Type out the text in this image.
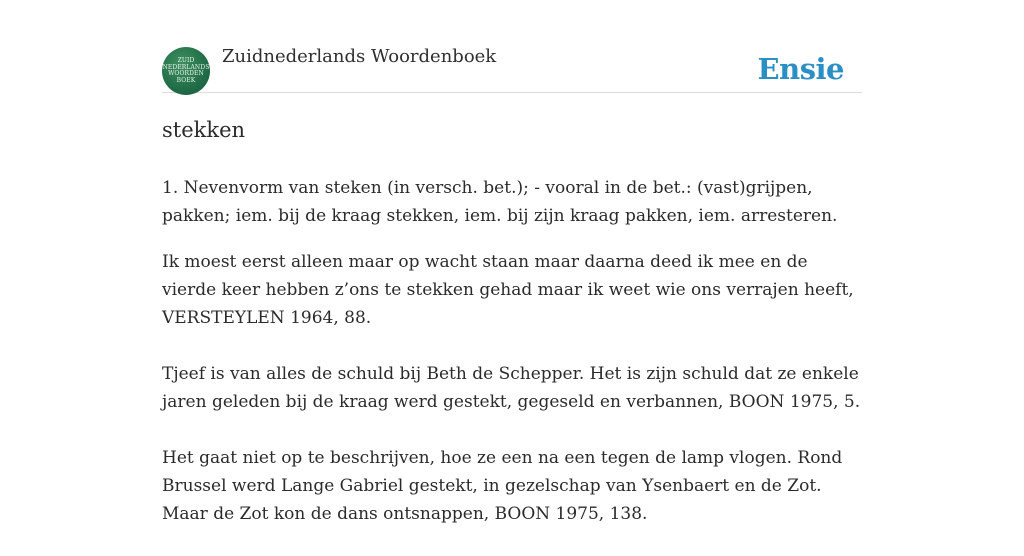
ZUID
NEDERLANDS
WOORDEN
BOEK
Zuidnederlands Woordenboek	Ensie
stekken

1. Nevenvorm van steken (in versch. bet.); - vooral in de bet.: (vast)grijpen, pakken; iem. bij de kraag stekken, iem. bij zijn kraag pakken, iem. arresteren.

Ik moest eerst alleen maar op wacht staan maar daarna deed ik mee en de vierde keer hebben z’ons te stekken gehad maar ik weet wie ons verrajen heeft, VERSTEYLEN 1964, 88.

Tjeef is van alles de schuld bij Beth de Schepper. Het is zijn schuld dat ze enkele jaren geleden bij de kraag werd gestekt, gegeseld en verbannen, BOON 1975, 5.

Het gaat niet op te beschrijven, hoe ze een na een tegen de lamp vlogen. Rond Brussel werd Lange Gabriel gestekt, in gezelschap van Ysenbaert en de Zot. Maar de Zot kon de dans ontsnappen, BOON 1975, 138.
